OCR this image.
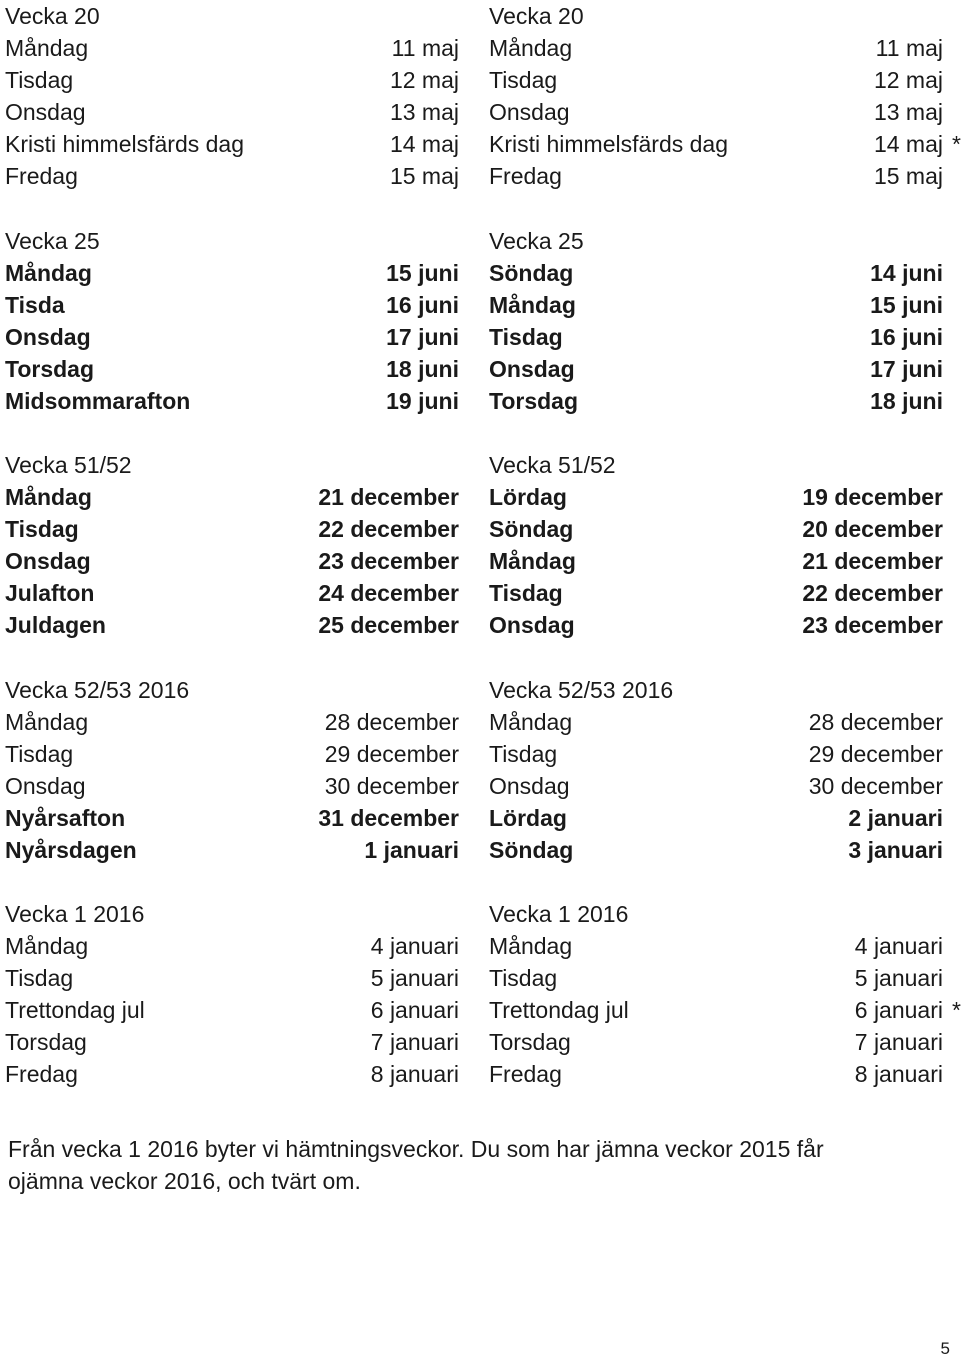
Vecka 20
Måndag	11 maj
Tisdag	12 maj
Onsdag	13 maj
Kristi himmelsfärds dag	14 maj
Fredag	15 maj
Vecka 25
Måndag	15 juni
Tisda	16 juni
Onsdag	17 juni
Torsdag	18 juni
Midsommarafton	19 juni
Vecka 51/52
Måndag	21 december
Tisdag	22 december
Onsdag	23 december
Julafton	24 december
Juldagen	25 december
Vecka 52/53 2016
Måndag	28 december
Tisdag	29 december
Onsdag	30 december
Nyårsafton	31 december
Nyårsdagen	1 januari
Vecka 1 2016
Måndag	4 januari
Tisdag	5 januari
Trettondag jul	6 januari
Torsdag	7 januari
Fredag	8 januari
Vecka 20
Måndag	11 maj
Tisdag	12 maj
Onsdag	13 maj
Kristi himmelsfärds dag	14 maj *
Fredag	15 maj
Vecka 25
Söndag	14 juni
Måndag	15 juni
Tisdag	16 juni
Onsdag	17 juni
Torsdag	18 juni
Vecka 51/52
Lördag	19 december
Söndag	20 december
Måndag	21 december
Tisdag	22 december
Onsdag	23 december
Vecka 52/53 2016
Måndag	28 december
Tisdag	29 december
Onsdag	30 december
Lördag	2 januari
Söndag	3 januari
Vecka 1 2016
Måndag	4 januari
Tisdag	5 januari
Trettondag jul	6 januari *
Torsdag	7 januari
Fredag	8 januari
Från vecka 1 2016 byter vi hämtningsveckor. Du som har jämna veckor 2015 får
ojämna veckor 2016, och tvärt om.
5
